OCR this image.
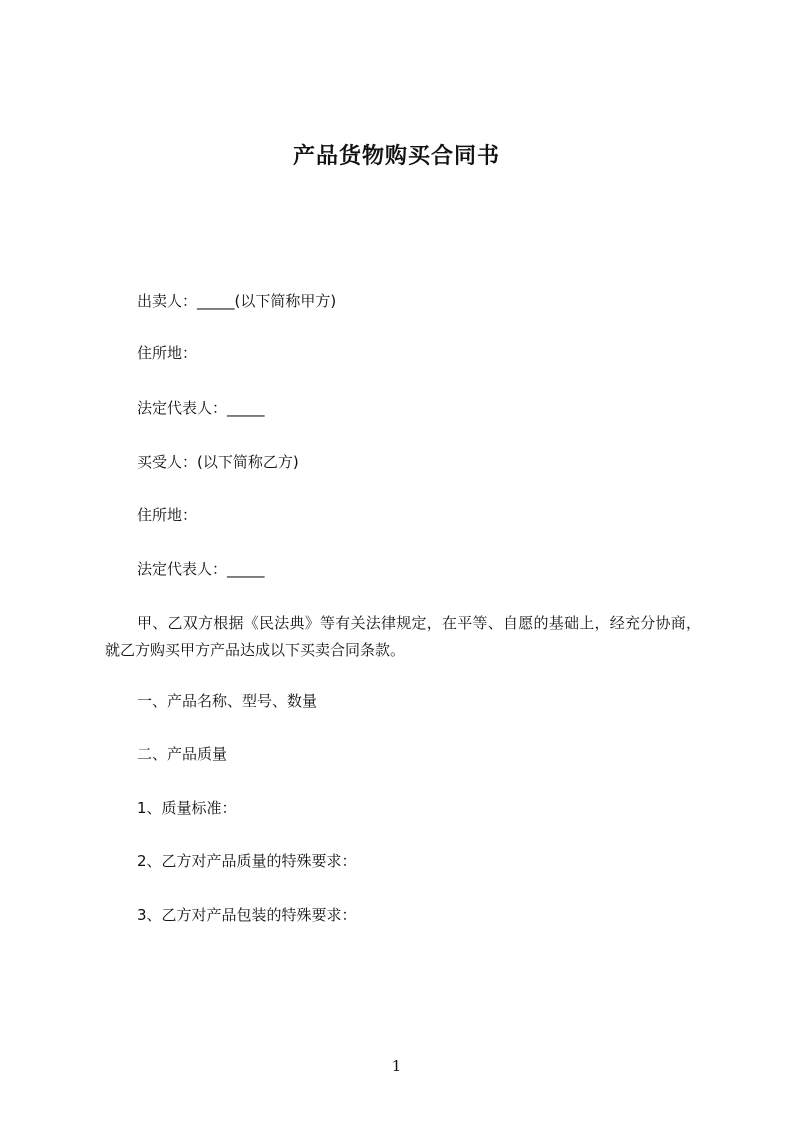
产品货物购买合同书
出卖人：_____(以下简称甲方)
住所地：
法定代表人：_____
买受人：(以下简称乙方)
住所地：
法定代表人：_____
甲、乙双方根据《民法典》等有关法律规定，在平等、自愿的基础上，经充分协商，就乙方购买甲方产品达成以下买卖合同条款。
一、产品名称、型号、数量
二、产品质量
1、质量标准：
2、乙方对产品质量的特殊要求：
3、乙方对产品包装的特殊要求：
1
